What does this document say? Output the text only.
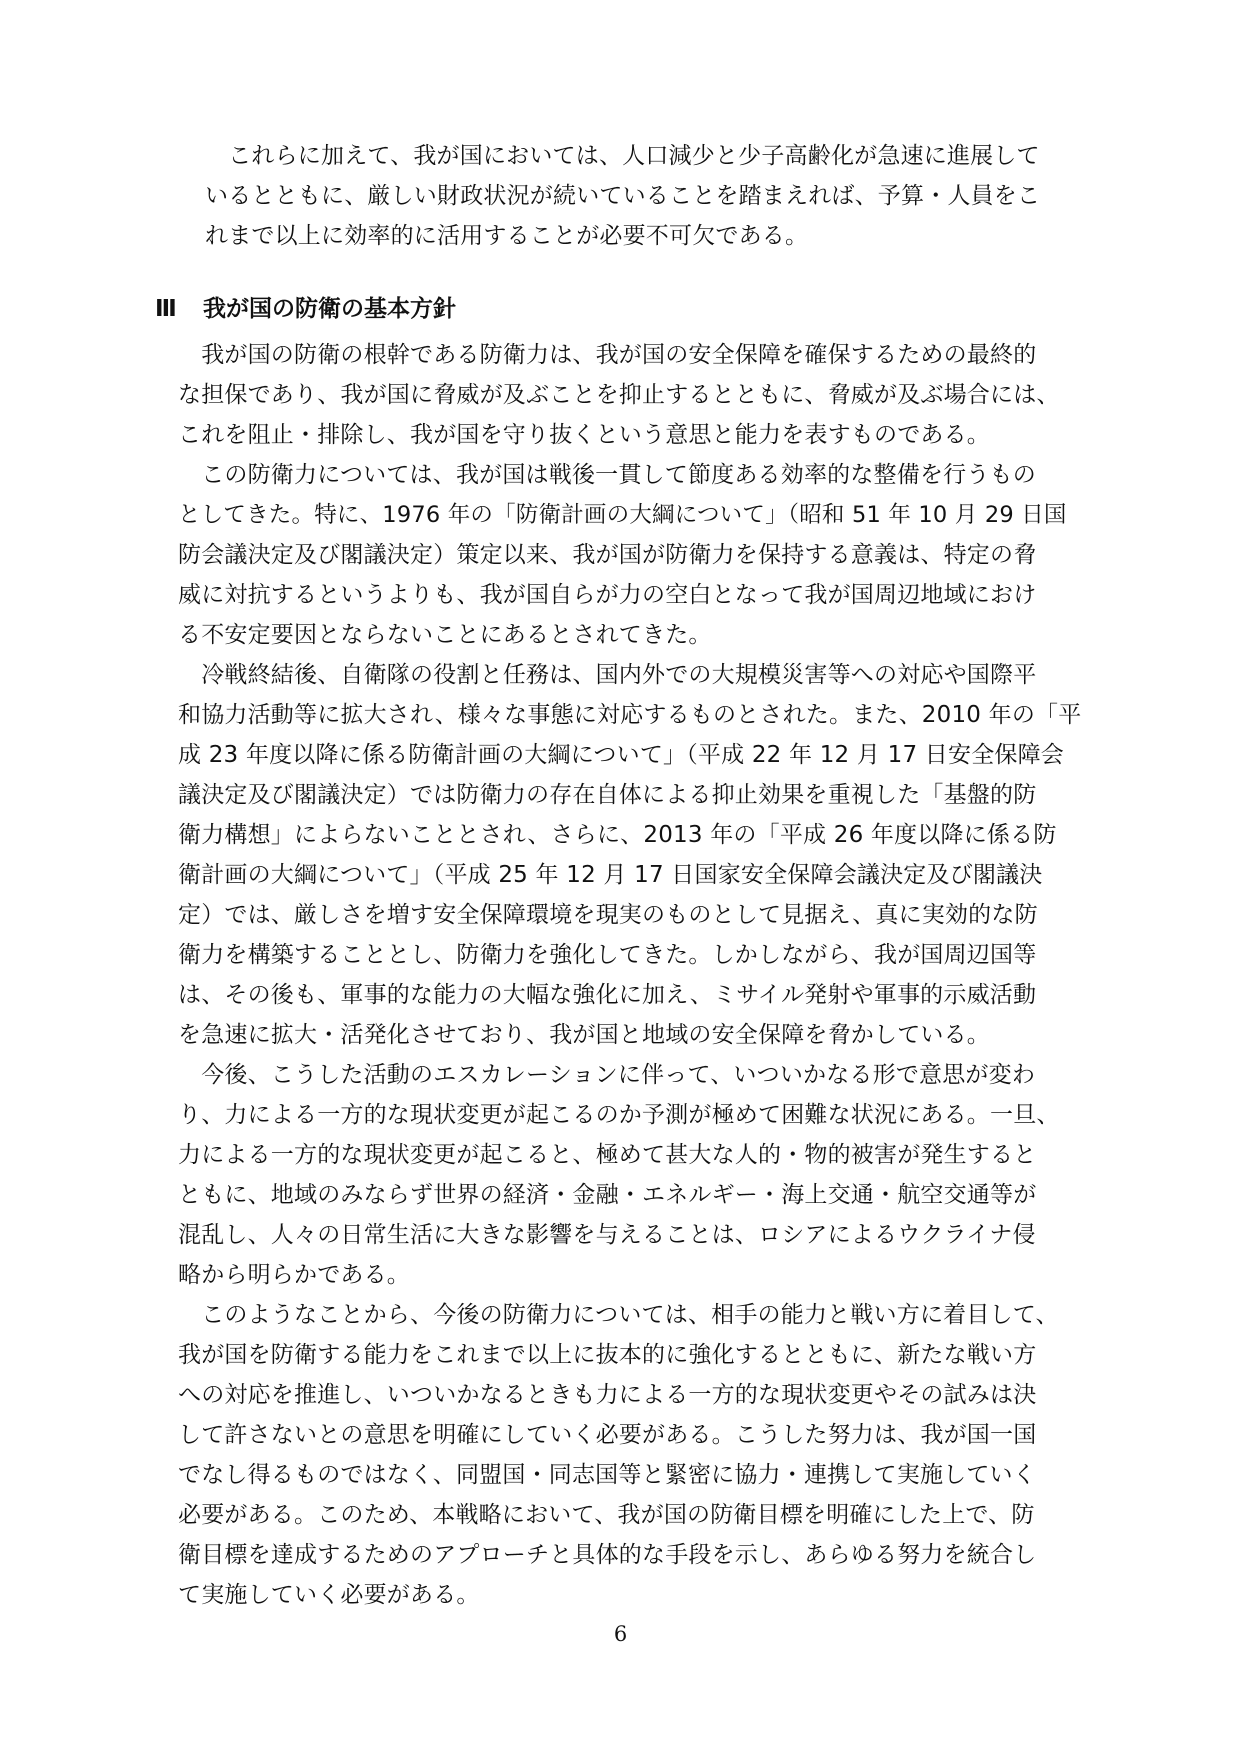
　これらに加えて、我が国においては、人口減少と少子高齢化が急速に進展して
いるとともに、厳しい財政状況が続いていることを踏まえれば、予算・人員をこ
れまで以上に効率的に活用することが必要不可欠である。
Ⅲ 我が国の防衛の基本方針
　我が国の防衛の根幹である防衛力は、我が国の安全保障を確保するための最終的
な担保であり、我が国に脅威が及ぶことを抑止するとともに、脅威が及ぶ場合には、
これを阻止・排除し、我が国を守り抜くという意思と能力を表すものである。
　この防衛力については、我が国は戦後一貫して節度ある効率的な整備を行うもの
としてきた。特に、1976 年の「防衛計画の大綱について」（昭和 51 年 10 月 29 日国
防会議決定及び閣議決定）策定以来、我が国が防衛力を保持する意義は、特定の脅
威に対抗するというよりも、我が国自らが力の空白となって我が国周辺地域におけ
る不安定要因とならないことにあるとされてきた。
　冷戦終結後、自衛隊の役割と任務は、国内外での大規模災害等への対応や国際平
和協力活動等に拡大され、様々な事態に対応するものとされた。また、2010 年の「平
成 23 年度以降に係る防衛計画の大綱について」（平成 22 年 12 月 17 日安全保障会
議決定及び閣議決定）では防衛力の存在自体による抑止効果を重視した「基盤的防
衛力構想」によらないこととされ、さらに、2013 年の「平成 26 年度以降に係る防
衛計画の大綱について」（平成 25 年 12 月 17 日国家安全保障会議決定及び閣議決
定）では、厳しさを増す安全保障環境を現実のものとして見据え、真に実効的な防
衛力を構築することとし、防衛力を強化してきた。しかしながら、我が国周辺国等
は、その後も、軍事的な能力の大幅な強化に加え、ミサイル発射や軍事的示威活動
を急速に拡大・活発化させており、我が国と地域の安全保障を脅かしている。
　今後、こうした活動のエスカレーションに伴って、いついかなる形で意思が変わ
り、力による一方的な現状変更が起こるのか予測が極めて困難な状況にある。一旦、
力による一方的な現状変更が起こると、極めて甚大な人的・物的被害が発生すると
ともに、地域のみならず世界の経済・金融・エネルギー・海上交通・航空交通等が
混乱し、人々の日常生活に大きな影響を与えることは、ロシアによるウクライナ侵
略から明らかである。
　このようなことから、今後の防衛力については、相手の能力と戦い方に着目して、
我が国を防衛する能力をこれまで以上に抜本的に強化するとともに、新たな戦い方
への対応を推進し、いついかなるときも力による一方的な現状変更やその試みは決
して許さないとの意思を明確にしていく必要がある。こうした努力は、我が国一国
でなし得るものではなく、同盟国・同志国等と緊密に協力・連携して実施していく
必要がある。このため、本戦略において、我が国の防衛目標を明確にした上で、防
衛目標を達成するためのアプローチと具体的な手段を示し、あらゆる努力を統合し
て実施していく必要がある。
6
